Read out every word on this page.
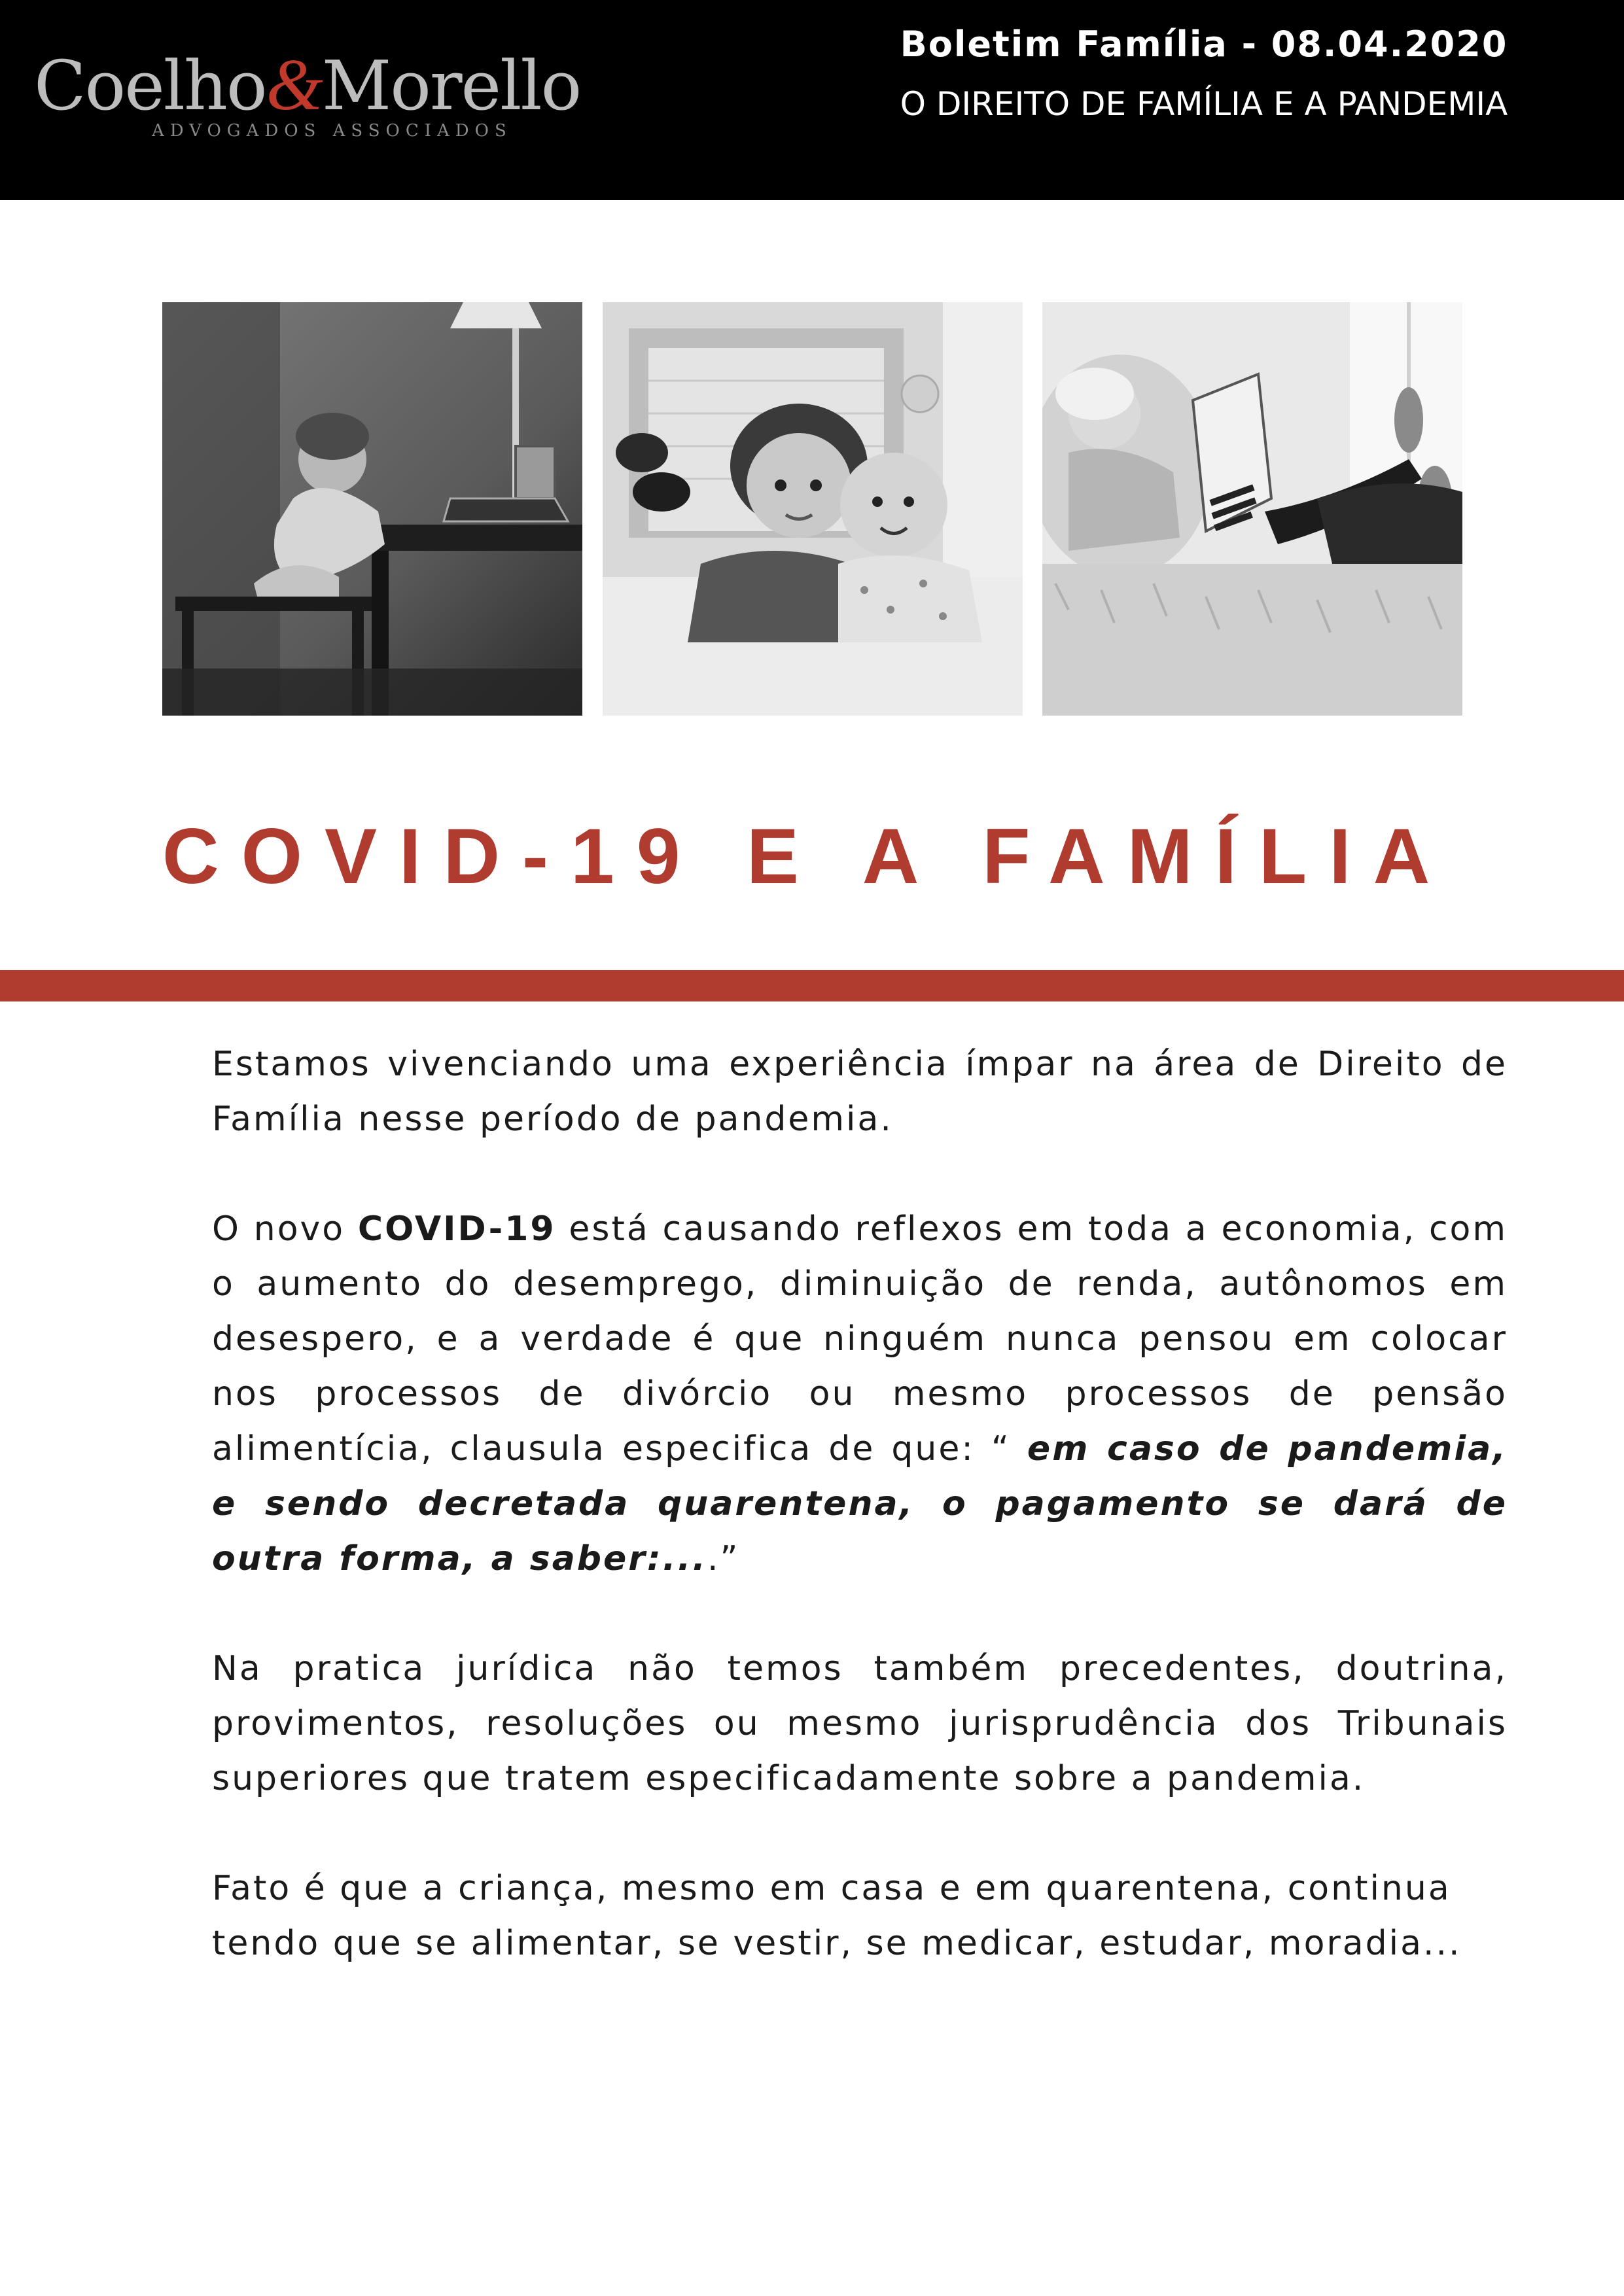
Coelho&Morello
ADVOGADOS ASSOCIADOS
Boletim Família - 08.04.2020
O DIREITO DE FAMÍLIA E A PANDEMIA
COVID-19 E A FAMÍLIA

Estamos vivenciando uma experiência ímpar na área de Direito de Família nesse período de pandemia.

O novo COVID-19 está causando reflexos em toda a economia, com o aumento do desemprego, diminuição de renda, autônomos em desespero, e a verdade é que ninguém nunca pensou em colocar nos processos de divórcio ou mesmo processos de pensão alimentícia, clausula especifica de que: “ em caso de pandemia, e sendo decretada quarentena, o pagamento se dará de outra forma, a saber:....”

Na pratica jurídica não temos também precedentes, doutrina, provimentos, resoluções ou mesmo jurisprudência dos Tribunais superiores que tratem especificadamente sobre a pandemia.

Fato é que a criança, mesmo em casa e em quarentena, continua tendo que se alimentar, se vestir, se medicar, estudar, moradia...
